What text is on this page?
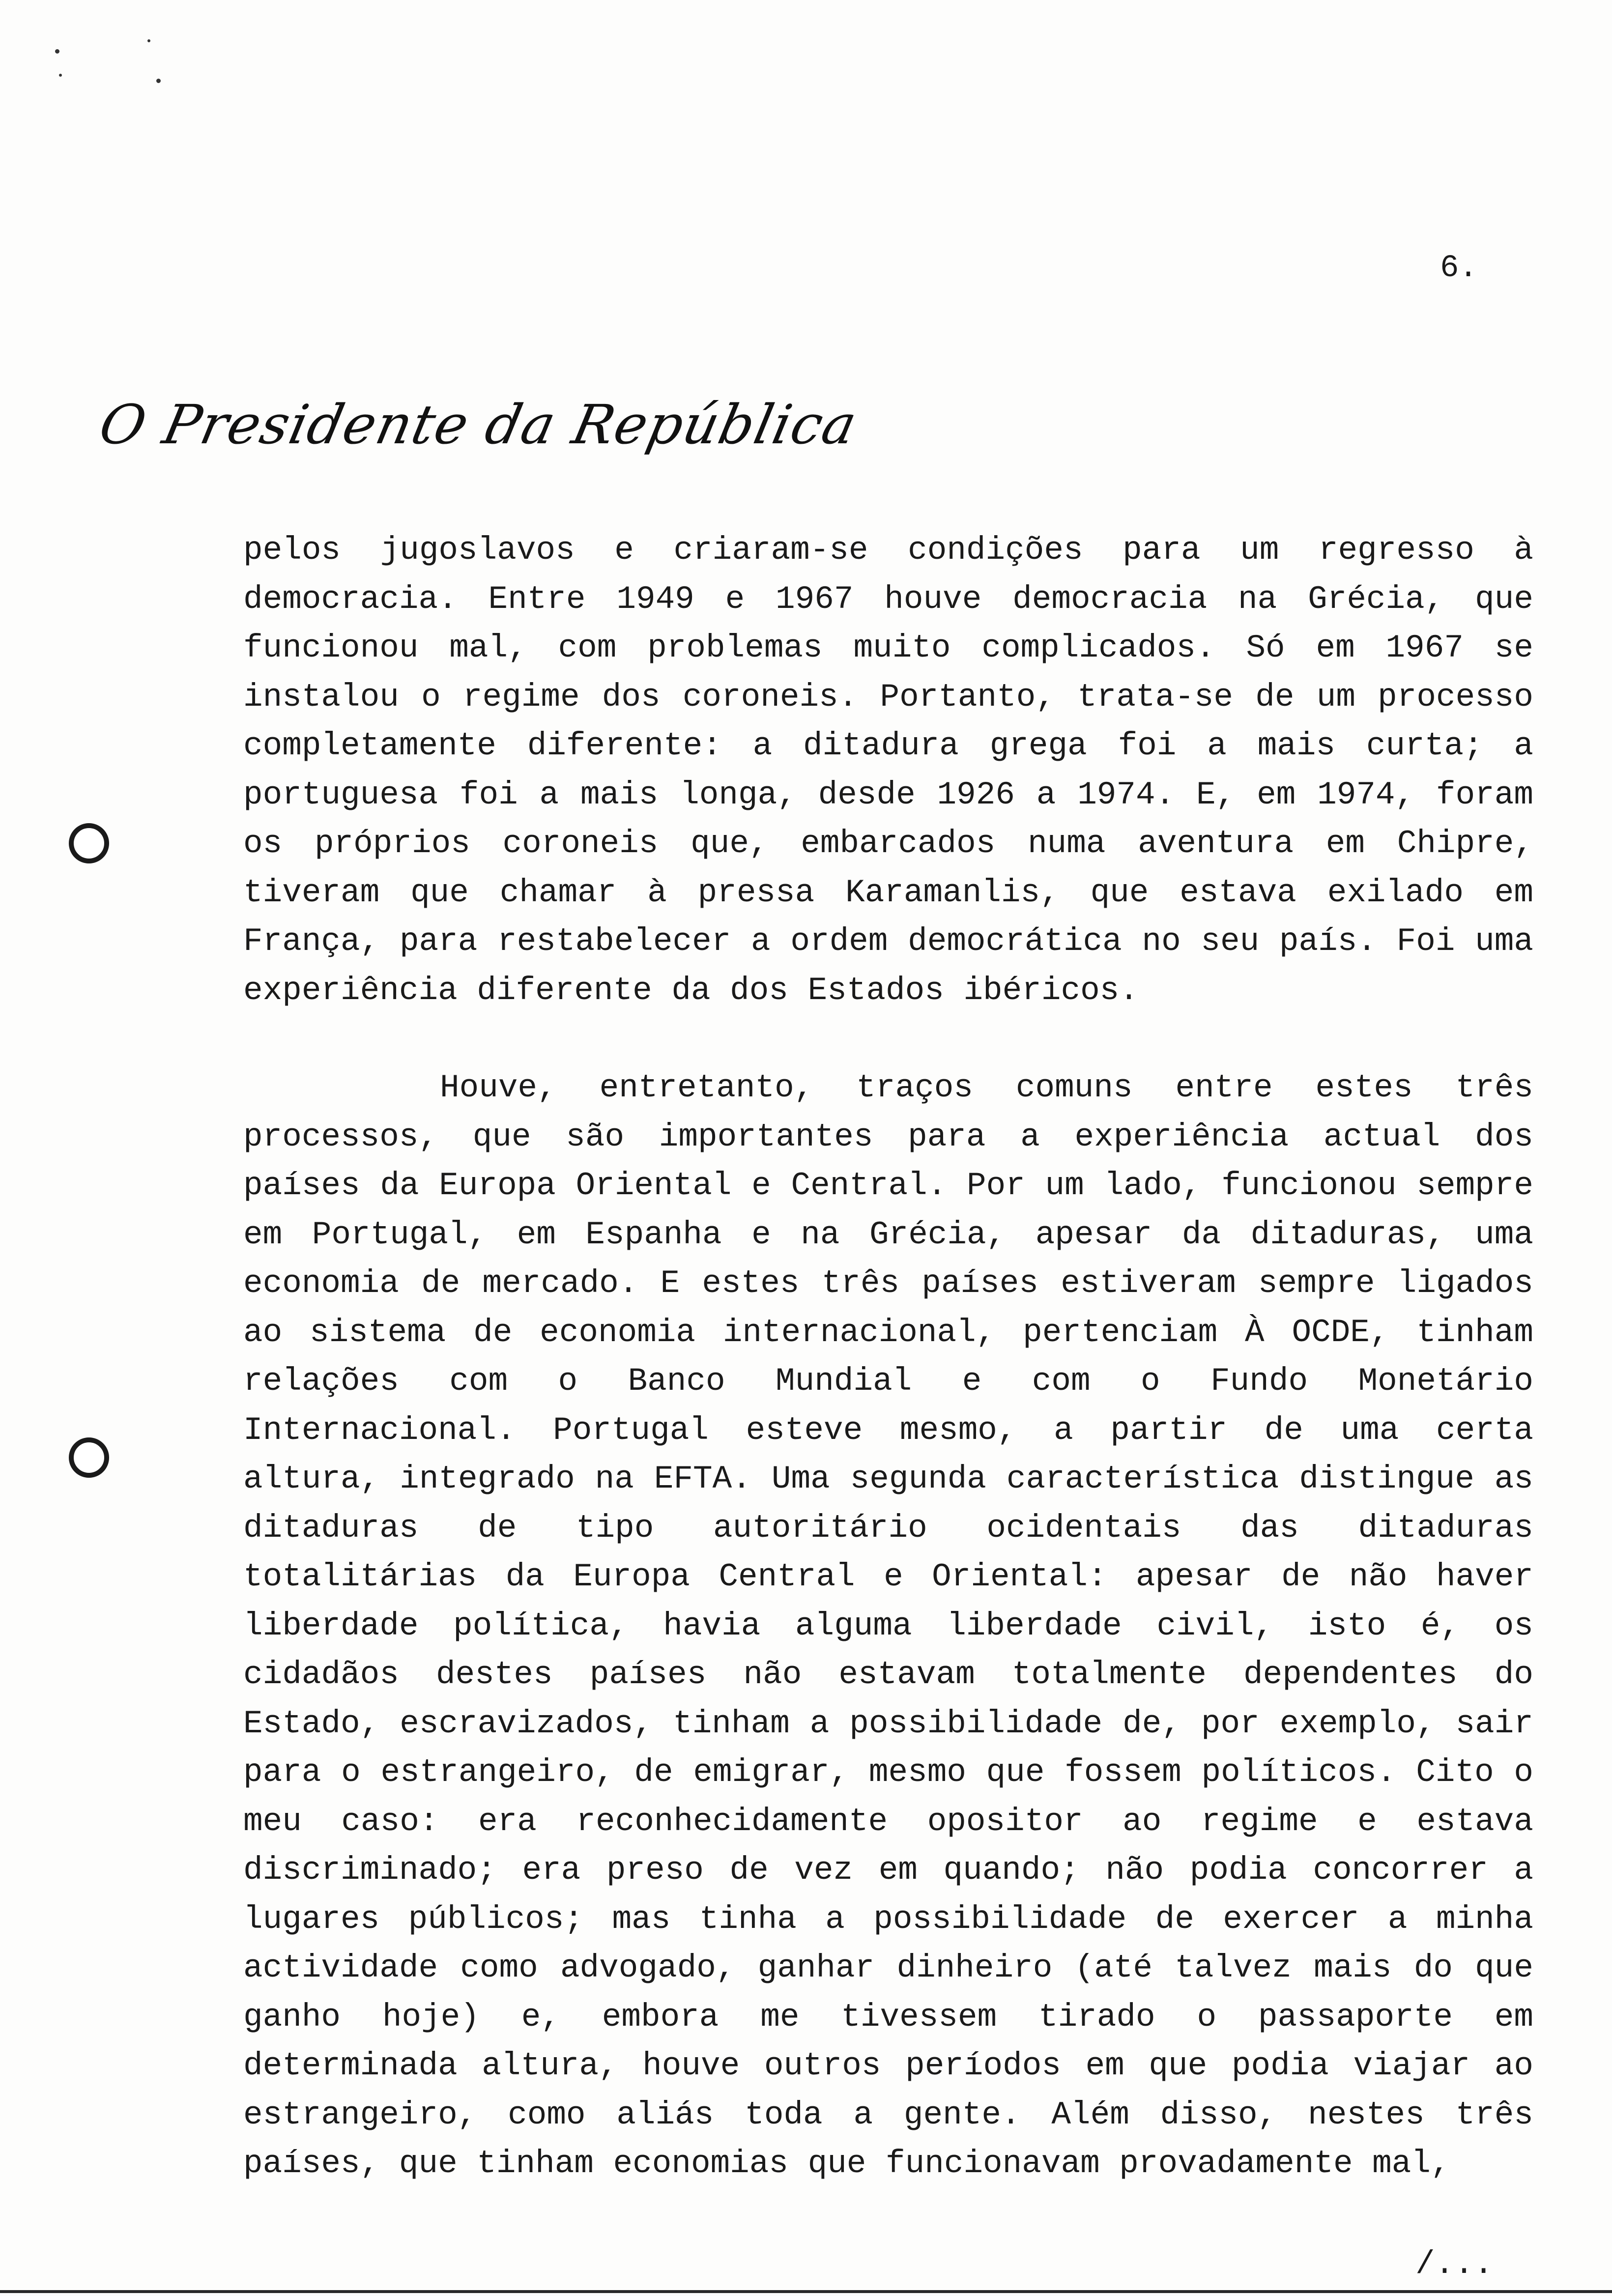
6.
O Presidente da República

pelos jugoslavos e criaram-se condições para um regresso à democracia. Entre 1949 e 1967 houve democracia na Grécia, que funcionou mal, com problemas muito complicados. Só em 1967 se instalou o regime dos coroneis. Portanto, trata-se de um processo completamente diferente: a ditadura grega foi a mais curta; a portuguesa foi a mais longa, desde 1926 a 1974. E, em 1974, foram os próprios coroneis que, embarcados numa aventura em Chipre, tiveram que chamar à pressa Karamanlis, que estava exilado em França, para restabelecer a ordem democrática no seu país. Foi uma experiência diferente da dos Estados ibéricos.

Houve, entretanto, traços comuns entre estes três processos, que são importantes para a experiência actual dos países da Europa Oriental e Central. Por um lado, funcionou sempre em Portugal, em Espanha e na Grécia, apesar da ditaduras, uma economia de mercado. E estes três países estiveram sempre ligados ao sistema de economia internacional, pertenciam À OCDE, tinham relações com o Banco Mundial e com o Fundo Monetário Internacional. Portugal esteve mesmo, a partir de uma certa altura, integrado na EFTA. Uma segunda característica distingue as ditaduras de tipo autoritário ocidentais das ditaduras totalitárias da Europa Central e Oriental: apesar de não haver liberdade política, havia alguma liberdade civil, isto é, os cidadãos destes países não estavam totalmente dependentes do Estado, escravizados, tinham a possibilidade de, por exemplo, sair para o estrangeiro, de emigrar, mesmo que fossem políticos. Cito o meu caso: era reconhecidamente opositor ao regime e estava discriminado; era preso de vez em quando; não podia concorrer a lugares públicos; mas tinha a possibilidade de exercer a minha actividade como advogado, ganhar dinheiro (até talvez mais do que ganho hoje) e, embora me tivessem tirado o passaporte em determinada altura, houve outros períodos em que podia viajar ao estrangeiro, como aliás toda a gente. Além disso, nestes três países, que tinham economias que funcionavam provadamente mal,

/...
